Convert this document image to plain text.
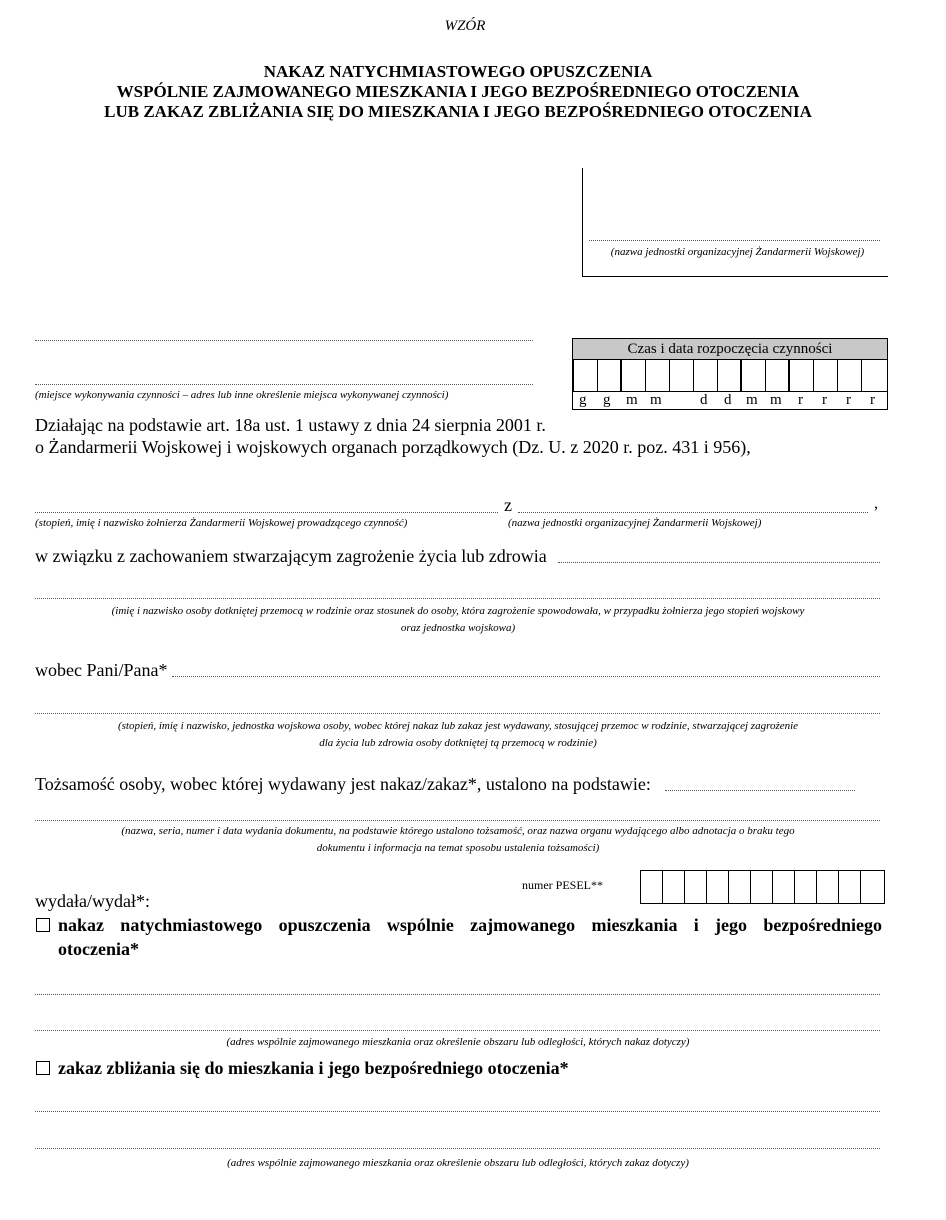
WZÓR
NAKAZ NATYCHMIASTOWEGO OPUSZCZENIA
WSPÓLNIE ZAJMOWANEGO MIESZKANIA I JEGO BEZPOŚREDNIEGO OTOCZENIA
LUB ZAKAZ ZBLIŻANIA SIĘ DO MIESZKANIA I JEGO BEZPOŚREDNIEGO OTOCZENIA
(nazwa jednostki organizacyjnej Żandarmerii Wojskowej)
(miejsce wykonywania czynności – adres lub inne określenie miejsca wykonywanej czynności)
Czas i data rozpoczęcia czynności
g g m m	d d m m r r r r
Działając na podstawie art. 18a ust. 1 ustawy z dnia 24 sierpnia 2001 r.
o Żandarmerii Wojskowej i wojskowych organach porządkowych (Dz. U. z 2020 r. poz. 431 i 956),
z	,
(stopień, imię i nazwisko żołnierza Żandarmerii Wojskowej prowadzącego czynność)	(nazwa jednostki organizacyjnej Żandarmerii Wojskowej)
w związku z zachowaniem stwarzającym zagrożenie życia lub zdrowia
(imię i nazwisko osoby dotkniętej przemocą w rodzinie oraz stosunek do osoby, która zagrożenie spowodowała, w przypadku żołnierza jego stopień wojskowy
oraz jednostka wojskowa)
wobec Pani/Pana*
(stopień, imię i nazwisko, jednostka wojskowa osoby, wobec której nakaz lub zakaz jest wydawany, stosującej przemoc w rodzinie, stwarzającej zagrożenie
dla życia lub zdrowia osoby dotkniętej tą przemocą w rodzinie)
Tożsamość osoby, wobec której wydawany jest nakaz/zakaz*, ustalono na podstawie:
(nazwa, seria, numer i data wydania dokumentu, na podstawie którego ustalono tożsamość, oraz nazwa organu wydającego albo adnotacja o braku tego
dokumentu i informacja na temat sposobu ustalenia tożsamości)
numer PESEL**
wydała/wydał*:
nakaz natychmiastowego opuszczenia wspólnie zajmowanego mieszkania i jego bezpośredniego
otoczenia*
(adres wspólnie zajmowanego mieszkania oraz określenie obszaru lub odległości, których nakaz dotyczy)
zakaz zbliżania się do mieszkania i jego bezpośredniego otoczenia*
(adres wspólnie zajmowanego mieszkania oraz określenie obszaru lub odległości, których zakaz dotyczy)
